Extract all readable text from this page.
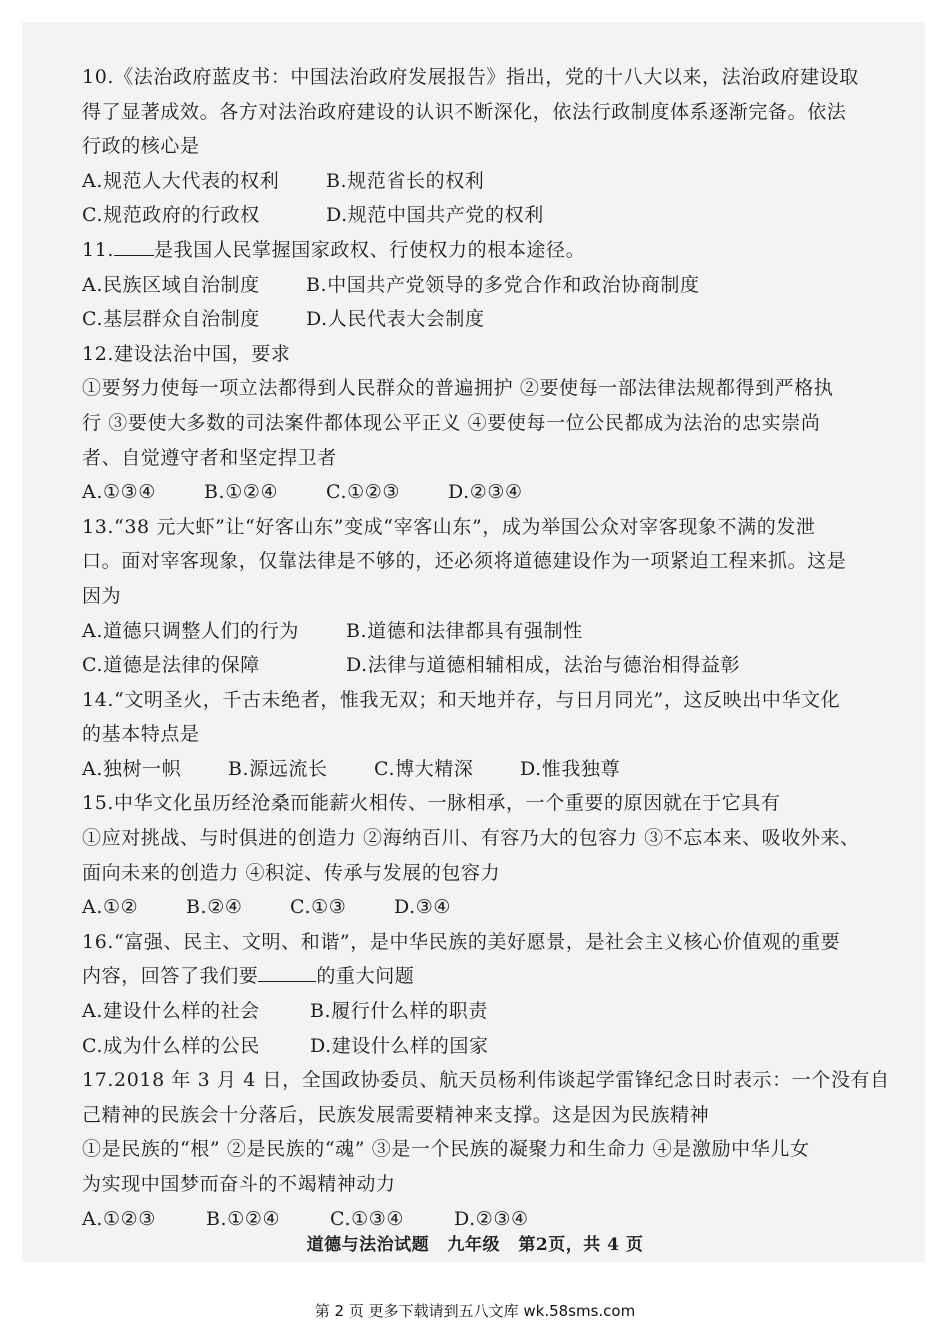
10.《法治政府蓝皮书：中国法治政府发展报告》指出，党的十八大以来，法治政府建设取
得了显著成效。各方对法治政府建设的认识不断深化，依法行政制度体系逐渐完备。依法
行政的核心是
A.规范人大代表的权利	B.规范省长的权利
C.规范政府的行政权	D.规范中国共产党的权利
11. 是我国人民掌握国家政权、行使权力的根本途径。
A.民族区域自治制度	B.中国共产党领导的多党合作和政治协商制度
C.基层群众自治制度	D.人民代表大会制度
12.建设法治中国，要求
①要努力使每一项立法都得到人民群众的普遍拥护 ②要使每一部法律法规都得到严格执
行 ③要使大多数的司法案件都体现公平正义 ④要使每一位公民都成为法治的忠实崇尚
者、自觉遵守者和坚定捍卫者
A.①③④	B.①②④	C.①②③	D.②③④
13.“38 元大虾”让“好客山东”变成“宰客山东”，成为举国公众对宰客现象不满的发泄
口。面对宰客现象，仅靠法律是不够的，还必须将道德建设作为一项紧迫工程来抓。这是
因为
A.道德只调整人们的行为	B.道德和法律都具有强制性
C.道德是法律的保障	D.法律与道德相辅相成，法治与德治相得益彰
14.“文明圣火，千古未绝者，惟我无双；和天地并存，与日月同光”，这反映出中华文化
的基本特点是
A.独树一帜	B.源远流长	C.博大精深	D.惟我独尊
15.中华文化虽历经沧桑而能薪火相传、一脉相承，一个重要的原因就在于它具有
①应对挑战、与时俱进的创造力 ②海纳百川、有容乃大的包容力 ③不忘本来、吸收外来、
面向未来的创造力 ④积淀、传承与发展的包容力
A.①②	B.②④	C.①③	D.③④
16.“富强、民主、文明、和谐”，是中华民族的美好愿景，是社会主义核心价值观的重要
内容，回答了我们要	的重大问题
A.建设什么样的社会	B.履行什么样的职责
C.成为什么样的公民	D.建设什么样的国家
17.2018 年 3 月 4 日，全国政协委员、航天员杨利伟谈起学雷锋纪念日时表示：一个没有自
己精神的民族会十分落后，民族发展需要精神来支撑。这是因为民族精神
①是民族的“根” ②是民族的“魂” ③是一个民族的凝聚力和生命力 ④是激励中华儿女
为实现中国梦而奋斗的不竭精神动力
A.①②③	B.①②④	C.①③④	D.②③④
道德与法治试题 九年级 第2页，共 4 页
第 2 页 更多下载请到五八文库 wk.58sms.com
